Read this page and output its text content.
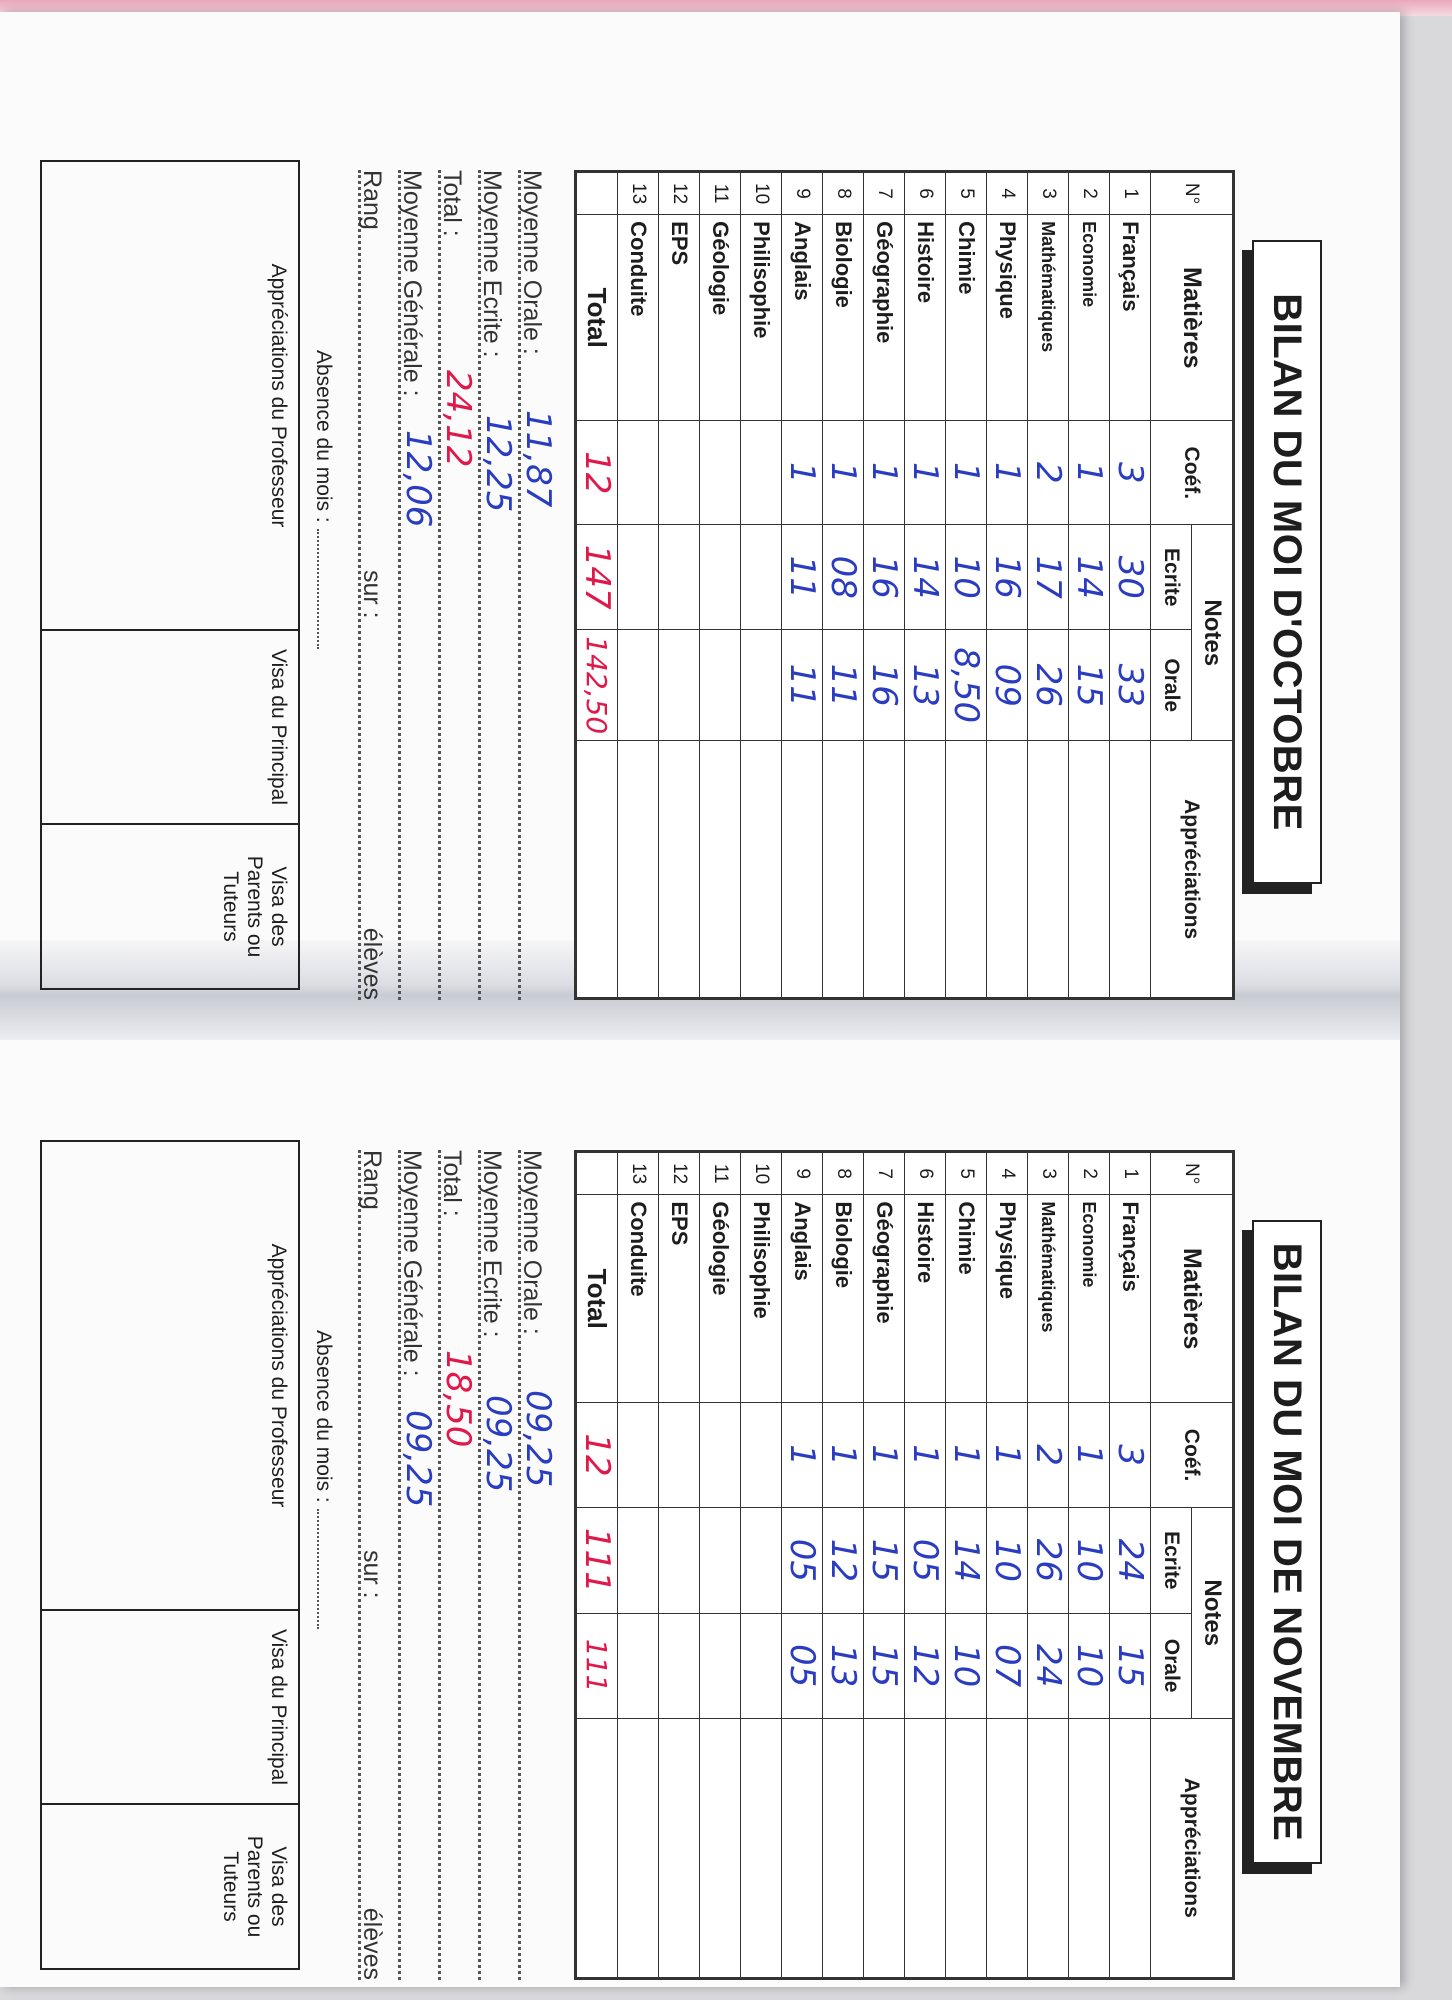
BILAN DU MOI D'OCTOBRE
N°	Matières	Coéf.	Notes		Appréciations
			Ecrite	Orale	
1	Français	3	30	33	
2	Economie	1	14	15	
3	Mathématiques	2	17	26	
4	Physique	1	16	09	
5	Chimie	1	10	8,50	
6	Histoire	1	14	13	
7	Géographie	1	16	16	
8	Biologie	1	08	11	
9	Anglais	1	11	11	
10	Philisophie				
11	Géologie				
12	EPS				
13	Conduite				
	Total	12	147	142,50	
Moyenne Orale :
11,87
Moyenne Ecrite :
12,25
Total :
24,12
Moyenne Générale :
12,06
Rang
sur :
élèves
Absence du mois :
Appréciations du Professeur	Visa du Principal	Visa des Parents ou Tuteurs
BILAN DU MOI DE NOVEMBRE
N°	Matières	Coéf.	Notes		Appréciations
			Ecrite	Orale	
1	Français	3	24	15	
2	Economie	1	10	10	
3	Mathématiques	2	26	24	
4	Physique	1	10	07	
5	Chimie	1	14	10	
6	Histoire	1	05	12	
7	Géographie	1	15	15	
8	Biologie	1	12	13	
9	Anglais	1	05	05	
10	Philisophie				
11	Géologie				
12	EPS				
13	Conduite				
	Total	12	111	111	
Moyenne Orale :
09,25
Moyenne Ecrite :
09,25
Total :
18,50
Moyenne Générale :
09,25
Rang
sur :
élèves
Absence du mois :
Appréciations du Professeur	Visa du Principal	Visa des Parents ou Tuteurs
